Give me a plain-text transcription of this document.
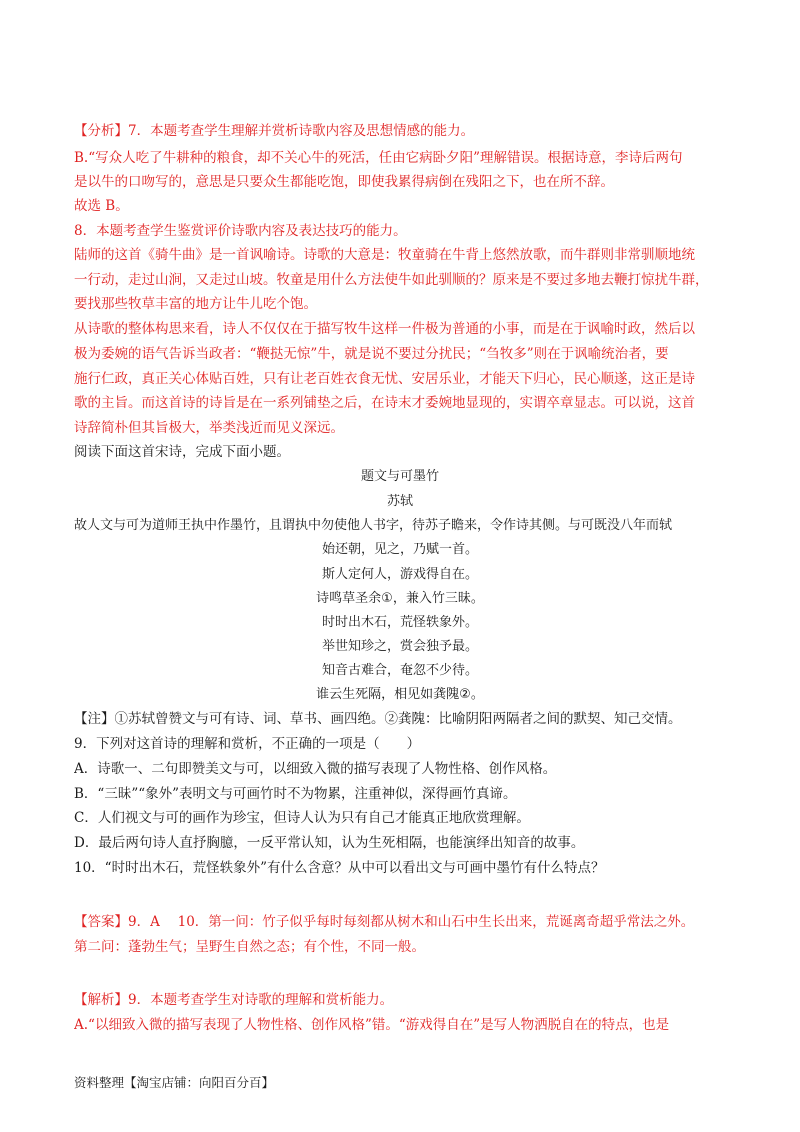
【分析】7．本题考查学生理解并赏析诗歌内容及思想情感的能力。
B.“写众人吃了牛耕种的粮食，却不关心牛的死活，任由它病卧夕阳”理解错误。根据诗意，李诗后两句
是以牛的口吻写的，意思是只要众生都能吃饱，即使我累得病倒在残阳之下，也在所不辞。
故选 B。
8．本题考查学生鉴赏评价诗歌内容及表达技巧的能力。
陆师的这首《骑牛曲》是一首讽喻诗。诗歌的大意是：牧童骑在牛背上悠然放歌，而牛群则非常驯顺地统
一行动，走过山涧，又走过山坡。牧童是用什么方法使牛如此驯顺的？原来是不要过多地去鞭打惊扰牛群，
要找那些牧草丰富的地方让牛儿吃个饱。
从诗歌的整体构思来看，诗人不仅仅在于描写牧牛这样一件极为普通的小事，而是在于讽喻时政，然后以
极为委婉的语气告诉当政者：“鞭挞无惊”牛，就是说不要过分扰民；“刍牧多”则在于讽喻统治者，要
施行仁政，真正关心体贴百姓，只有让老百姓衣食无忧、安居乐业，才能天下归心，民心顺遂，这正是诗
歌的主旨。而这首诗的诗旨是在一系列铺垫之后，在诗末才委婉地显现的，实谓卒章显志。可以说，这首
诗辞简朴但其旨极大，举类浅近而见义深远。
阅读下面这首宋诗，完成下面小题。
题文与可墨竹
苏轼
故人文与可为道师王执中作墨竹，且谓执中勿使他人书字，待苏子瞻来，令作诗其侧。与可既没八年而轼
始还朝，见之，乃赋一首。
斯人定何人，游戏得自在。
诗鸣草圣余①，兼入竹三昧。
时时出木石，荒怪轶象外。
举世知珍之，赏会独予最。
知音古难合，奄忽不少待。
谁云生死隔，相见如龚隗②。
【注】①苏轼曾赞文与可有诗、词、草书、画四绝。②龚隗：比喻阴阳两隔者之间的默契、知己交情。
9．下列对这首诗的理解和赏析，不正确的一项是（　　）
A．诗歌一、二句即赞美文与可，以细致入微的描写表现了人物性格、创作风格。
B．“三昧”“象外”表明文与可画竹时不为物累，注重神似，深得画竹真谛。
C．人们视文与可的画作为珍宝，但诗人认为只有自己才能真正地欣赏理解。
D．最后两句诗人直抒胸臆，一反平常认知，认为生死相隔，也能演绎出知音的故事。
10．“时时出木石，荒怪轶象外”有什么含意？从中可以看出文与可画中墨竹有什么特点？
【答案】9．A　 10．第一问：竹子似乎每时每刻都从树木和山石中生长出来，荒诞离奇超乎常法之外。
第二问：蓬勃生气；呈野生自然之态；有个性，不同一般。
【解析】9．本题考查学生对诗歌的理解和赏析能力。
A.“以细致入微的描写表现了人物性格、创作风格”错。“游戏得自在”是写人物洒脱自在的特点，也是
资料整理【淘宝店铺：向阳百分百】
